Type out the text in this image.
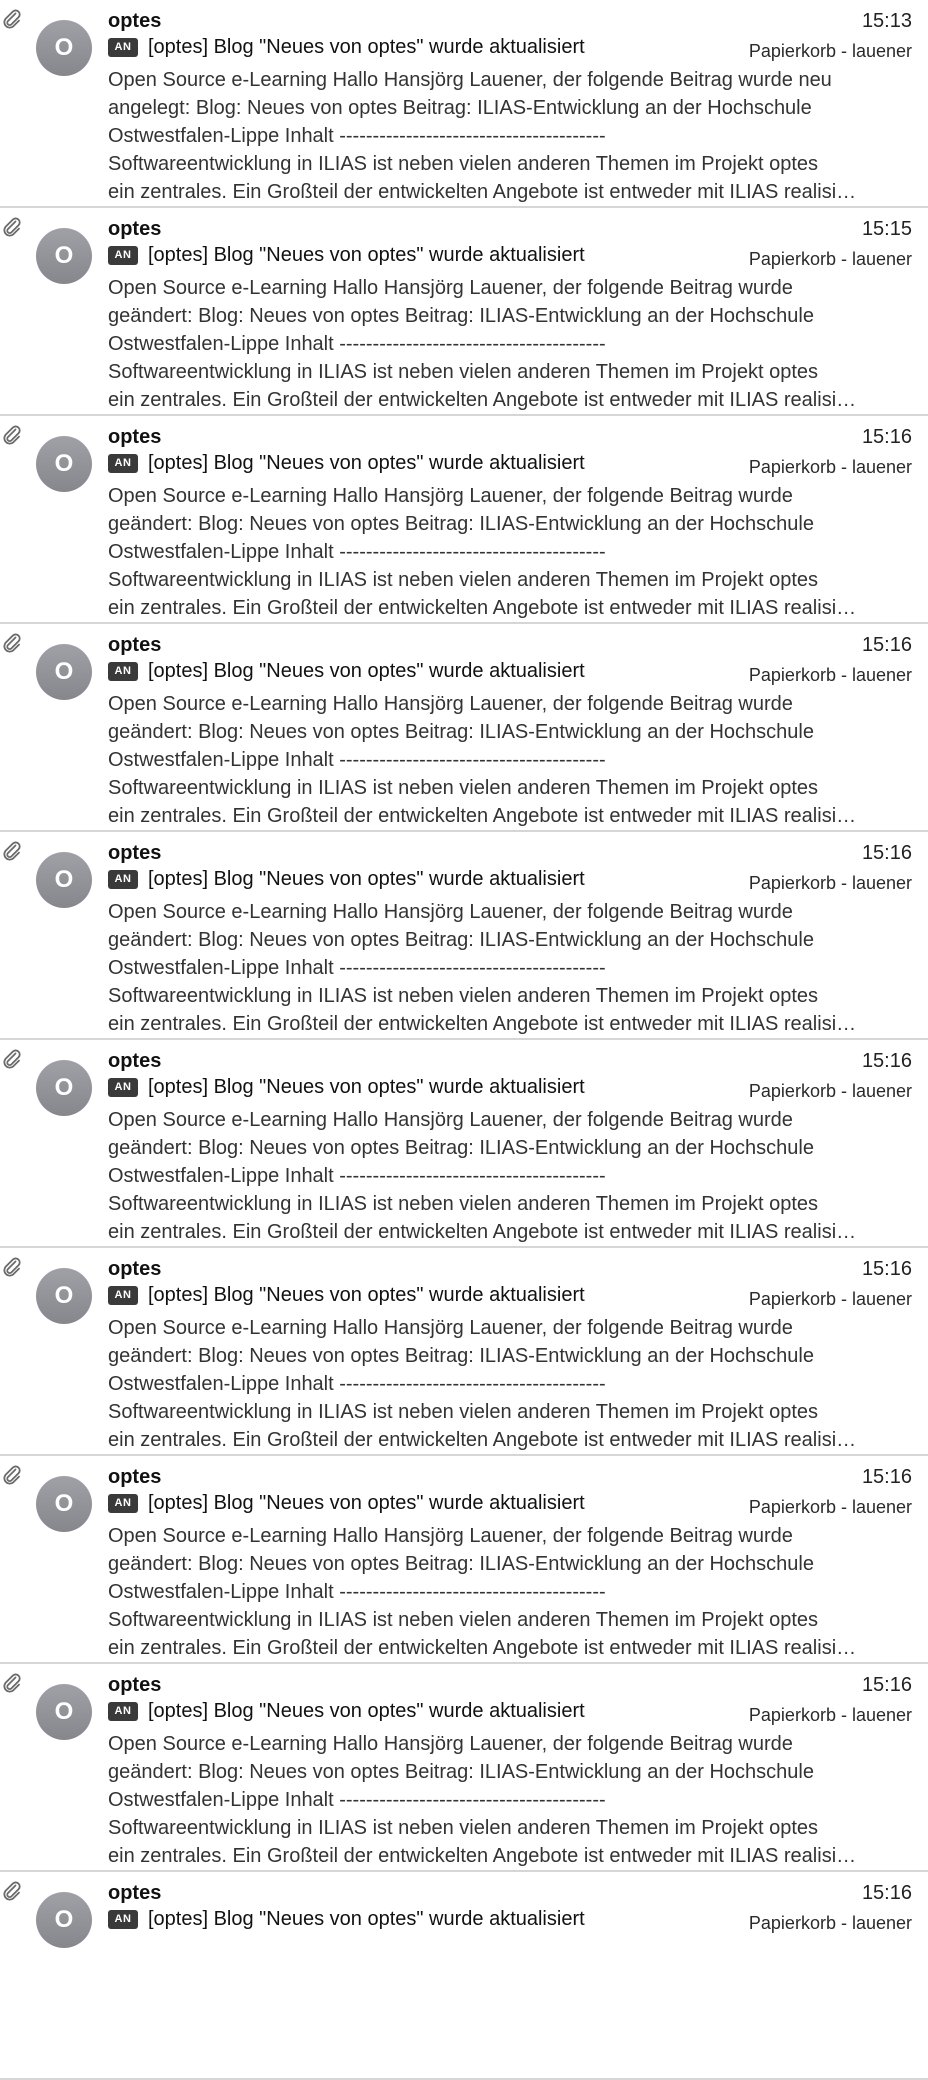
O
optes	15:13
AN [optes] Blog "Neues von optes" wurde aktualisiert	Papierkorb - lauener
Open Source e-Learning Hallo Hansjörg Lauener, der folgende Beitrag wurde neu
angelegt: Blog: Neues von optes Beitrag: ILIAS-Entwicklung an der Hochschule
Ostwestfalen-Lippe Inhalt ----------------------------------------
Softwareentwicklung in ILIAS ist neben vielen anderen Themen im Projekt optes
ein zentrales. Ein Großteil der entwickelten Angebote ist entweder mit ILIAS realisi…
O
optes	15:15
AN [optes] Blog "Neues von optes" wurde aktualisiert	Papierkorb - lauener
Open Source e-Learning Hallo Hansjörg Lauener, der folgende Beitrag wurde
geändert: Blog: Neues von optes Beitrag: ILIAS-Entwicklung an der Hochschule
Ostwestfalen-Lippe Inhalt ----------------------------------------
Softwareentwicklung in ILIAS ist neben vielen anderen Themen im Projekt optes
ein zentrales. Ein Großteil der entwickelten Angebote ist entweder mit ILIAS realisi…
O
optes	15:16
AN [optes] Blog "Neues von optes" wurde aktualisiert	Papierkorb - lauener
Open Source e-Learning Hallo Hansjörg Lauener, der folgende Beitrag wurde
geändert: Blog: Neues von optes Beitrag: ILIAS-Entwicklung an der Hochschule
Ostwestfalen-Lippe Inhalt ----------------------------------------
Softwareentwicklung in ILIAS ist neben vielen anderen Themen im Projekt optes
ein zentrales. Ein Großteil der entwickelten Angebote ist entweder mit ILIAS realisi…
O
optes	15:16
AN [optes] Blog "Neues von optes" wurde aktualisiert	Papierkorb - lauener
Open Source e-Learning Hallo Hansjörg Lauener, der folgende Beitrag wurde
geändert: Blog: Neues von optes Beitrag: ILIAS-Entwicklung an der Hochschule
Ostwestfalen-Lippe Inhalt ----------------------------------------
Softwareentwicklung in ILIAS ist neben vielen anderen Themen im Projekt optes
ein zentrales. Ein Großteil der entwickelten Angebote ist entweder mit ILIAS realisi…
O
optes	15:16
AN [optes] Blog "Neues von optes" wurde aktualisiert	Papierkorb - lauener
Open Source e-Learning Hallo Hansjörg Lauener, der folgende Beitrag wurde
geändert: Blog: Neues von optes Beitrag: ILIAS-Entwicklung an der Hochschule
Ostwestfalen-Lippe Inhalt ----------------------------------------
Softwareentwicklung in ILIAS ist neben vielen anderen Themen im Projekt optes
ein zentrales. Ein Großteil der entwickelten Angebote ist entweder mit ILIAS realisi…
O
optes	15:16
AN [optes] Blog "Neues von optes" wurde aktualisiert	Papierkorb - lauener
Open Source e-Learning Hallo Hansjörg Lauener, der folgende Beitrag wurde
geändert: Blog: Neues von optes Beitrag: ILIAS-Entwicklung an der Hochschule
Ostwestfalen-Lippe Inhalt ----------------------------------------
Softwareentwicklung in ILIAS ist neben vielen anderen Themen im Projekt optes
ein zentrales. Ein Großteil der entwickelten Angebote ist entweder mit ILIAS realisi…
O
optes	15:16
AN [optes] Blog "Neues von optes" wurde aktualisiert	Papierkorb - lauener
Open Source e-Learning Hallo Hansjörg Lauener, der folgende Beitrag wurde
geändert: Blog: Neues von optes Beitrag: ILIAS-Entwicklung an der Hochschule
Ostwestfalen-Lippe Inhalt ----------------------------------------
Softwareentwicklung in ILIAS ist neben vielen anderen Themen im Projekt optes
ein zentrales. Ein Großteil der entwickelten Angebote ist entweder mit ILIAS realisi…
O
optes	15:16
AN [optes] Blog "Neues von optes" wurde aktualisiert	Papierkorb - lauener
Open Source e-Learning Hallo Hansjörg Lauener, der folgende Beitrag wurde
geändert: Blog: Neues von optes Beitrag: ILIAS-Entwicklung an der Hochschule
Ostwestfalen-Lippe Inhalt ----------------------------------------
Softwareentwicklung in ILIAS ist neben vielen anderen Themen im Projekt optes
ein zentrales. Ein Großteil der entwickelten Angebote ist entweder mit ILIAS realisi…
O
optes	15:16
AN [optes] Blog "Neues von optes" wurde aktualisiert	Papierkorb - lauener
Open Source e-Learning Hallo Hansjörg Lauener, der folgende Beitrag wurde
geändert: Blog: Neues von optes Beitrag: ILIAS-Entwicklung an der Hochschule
Ostwestfalen-Lippe Inhalt ----------------------------------------
Softwareentwicklung in ILIAS ist neben vielen anderen Themen im Projekt optes
ein zentrales. Ein Großteil der entwickelten Angebote ist entweder mit ILIAS realisi…
O
optes	15:16
AN [optes] Blog "Neues von optes" wurde aktualisiert	Papierkorb - lauener
